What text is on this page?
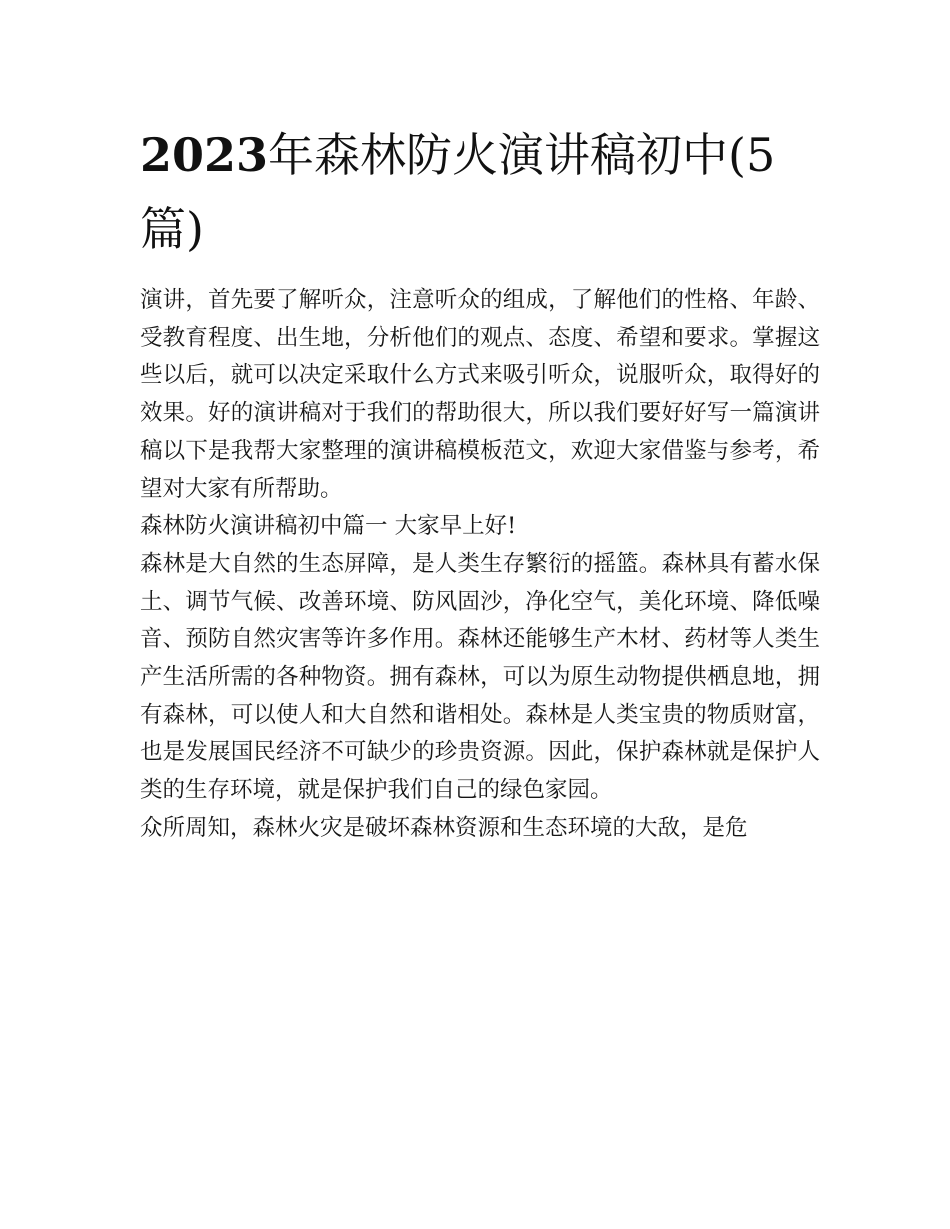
2023年森林防火演讲稿初中(5篇)

演讲，首先要了解听众，注意听众的组成，了解他们的性格、年龄、受教育程度、出生地，分析他们的观点、态度、希望和要求。掌握这些以后，就可以决定采取什么方式来吸引听众，说服听众，取得好的效果。好的演讲稿对于我们的帮助很大，所以我们要好好写一篇演讲稿以下是我帮大家整理的演讲稿模板范文，欢迎大家借鉴与参考，希望对大家有所帮助。

森林防火演讲稿初中篇一 大家早上好!

森林是大自然的生态屏障，是人类生存繁衍的摇篮。森林具有蓄水保土、调节气候、改善环境、防风固沙，净化空气，美化环境、降低噪音、预防自然灾害等许多作用。森林还能够生产木材、药材等人类生产生活所需的各种物资。拥有森林，可以为原生动物提供栖息地，拥有森林，可以使人和大自然和谐相处。森林是人类宝贵的物质财富，也是发展国民经济不可缺少的珍贵资源。因此，保护森林就是保护人类的生存环境，就是保护我们自己的绿色家园。

众所周知，森林火灾是破坏森林资源和生态环境的大敌，是危
